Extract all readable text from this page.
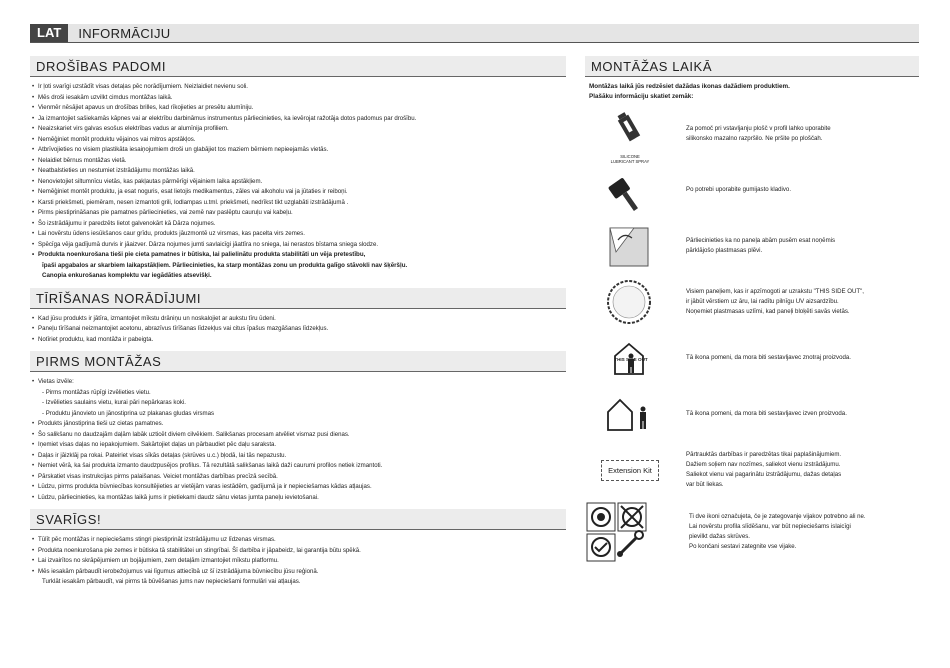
LAT	INFORMĀCIJU
DROŠĪBAS PADOMI
• Ir ļoti svarīgi uzstādīt visas detaļas pēc norādījumiem. Neizlaidiet nevienu soli.
• Mēs droši iesakām uzvilkt cimdus montāžas laikā.
• Vienmēr nēsājiet apavus un drošības brilles, kad rīkojieties ar presētu alumīniju.
• Ja izmantojiet sašiekamās kāpnes vai ar elektrību darbināmus instrumentus pārliecinieties, ka ievērojat ražotāja dotos padomus par drošību.
• Neaizskariet virs galvas esošus elektrības vadus ar alumīnija profiliem.
• Nemēģiniet montēt produktu vējainos vai mitros apstākļos.
• Atbrīvojieties no visiem plastikāta iesaiņojumiem droši un glabājiet tos maziem bērniem nepieejamās vietās.
• Nelaidiet bērnus montāžas vietā.
• Neatbalstieties un nestumiet izstrādājumu montāžas laikā.
• Nenovietojiet siltumnīcu vietās, kas pakļautas pārmērīgi vējainiem laika apstākļiem.
• Nemēģiniet montēt produktu, ja esat noguris, esat lietojis medikamentus, zāles vai alkoholu vai ja jūtaties ir reiboņi.
• Karsti priekšmeti, piemēram, nesen izmantoti grili, lodlampas u.tml. priekšmeti, nedrīkst tikt uzglabāti izstrādājumā .
• Pirms piestiprināšanas pie pamatnes pārliecinieties, vai zemē nav paslēptu cauruļu vai kabeļu.
• Šo izstrādājumu ir paredzēts lietot galvenokārt kā Dārza nojumes.
• Lai novērstu ūdens iesūkšanos caur grīdu, produkts jāuzmontē uz virsmas, kas pacelta virs zemes.
• Spēcīga vēja gadījumā durvis ir jāaizver. Dārza nojumes jumti savlaicīgi jāattīra no sniega, lai nerastos bīstama sniega slodze.
• Produkta noenkurošana tieši pie cieta pamatnes ir būtiska, lai palielinātu produkta stabilitāti un vēja pretestību,
īpaši apgabalos ar skarbiem laikapstākļiem. Pārliecinieties, ka starp montāžas zonu un produkta galīgo stāvokli nav šķēršļu.
Canopia enkurošanas komplektu var iegādāties atsevišķi.
TĪRĪŠANAS NORĀDĪJUMI
• Kad jūsu produkts ir jātīra, izmantojiet mīkstu drāniņu un noskalojiet ar aukstu tīru ūdeni.
• Paneļu tīrīšanai neizmantojiet acetonu, abrazīvus tīrīšanas līdzekļus vai citus īpašus mazgāšanas līdzekļus.
• Notīriet produktu, kad montāža ir pabeigta.
PIRMS MONTĀŽAS
• Vietas izvēle:
- Pirms montāžas rūpīgi izvēlieties vietu.
- Izvēlieties saulains vietu, kurai pāri nepārkaras koki.
- Produktu jānovieto un jānostiprina uz plakanas gludas virsmas
• Produkts jānostiprina tieši uz cietas pamatnes.
• Šo salikšanu no daudzajām daļām labāk uzticēt diviem cilvēkiem. Salikšanas procesam atvēliet vismaz pusi dienas.
• Iņemiet visas daļas no iepakojumiem. Sakārtojiet daļas un pārbaudiet pēc daļu saraksta.
• Daļas ir jāizklāj pa rokai. Pateiriet visas sīkās detaļas (skrūves u.c.) bļodā, lai tās nepazustu.
• Nemiet vērā, ka šai produkta izmanto daudzpusējos profilus. Tā rezultātā salikšanas laikā daži caurumi profilos netiek izmantoti.
• Pārskatiet visas instrukcijas pirms palaišanas. Veiciet montāžas darbības precīzā secībā.
• Lūdzu, pirms produkta būvniecības konsultējieties ar vietējām varas iestādēm, gadījumā ja ir nepieciešamas kādas atļaujas.
• Lūdzu, pārliecinieties, ka montāžas laikā jums ir pietiekami daudz sānu vietas jumta paneļu ievietošanai.
SVARĪGS!
• Tūlīt pēc montāžas ir nepieciešams stingri piestiprināt izstrādājumu uz līdzenas virsmas.
• Produkta noenkurošana pie zemes ir būtiska tā stabilitātei un stingrībai. Šī darbība ir jāpabeidz, lai garantija būtu spēkā.
• Lai izvairītos no skrāpējumiem un bojājumiem, zem detaļām izmantojiet mīkstu platformu.
• Mēs iesakām pārbaudīt ierobežojumus vai līgumus attiecībā uz šī izstrādājuma būvniecību jūsu reģionā.
Turklāt iesakām pārbaudīt, vai pirms tā būvēšanas jums nav nepieciešami formulāri vai atļaujas.
MONTĀŽAS LAIKĀ
Montāžas laikā jūs redzēsiet dažādas ikonas dažādiem produktiem.
Plašāku informāciju skatiet zemāk:
Za pomoč pri vstavljanju plošč v profil lahko uporabite
silikonsko mazalno razpršilo. Ne pršite po ploščah.
SILICONE
LUBRICANT SPRAY
Po potrebi uporabite gumijasto kladivo.
Pārliecinieties ka no paneļa abām pusēm esat noņēmis
pārklājošo plastmasas plēvi.
Visiem paneļiem, kas ir apzīmogoti ar uzrakstu "THIS SIDE OUT",
ir jābūt vērstiem uz āru, lai radītu pilnīgu UV aizsardzību.
Noņemiet plastmasas uzlīmi, kad paneļi bloķēti savās vietās.
THIS SIDE OUT	Tā ikona pomeni, da mora biti sestavljavec znotraj proizvoda.
Tā ikona pomeni, da mora biti sestavljavec izven proizvoda.
Extension Kit
Pārtrauktās darbības ir paredzētas tikai paplašinājumiem.
Dažiem soļiem nav nozīmes, saliekot vienu izstrādājumu.
Saliekot vienu vai pagarinātu izstrādājumu, dažas detaļas
var būt liekas.
Ti dve ikoni označujeta, če je zategovanje vijakov potrebno ali ne.
Lai novērstu profila slīdēšanu, var būt nepieciešams islaicīgi
pievilkt dažas skrūves.
Po končani sestavi zategnite vse vijake.
